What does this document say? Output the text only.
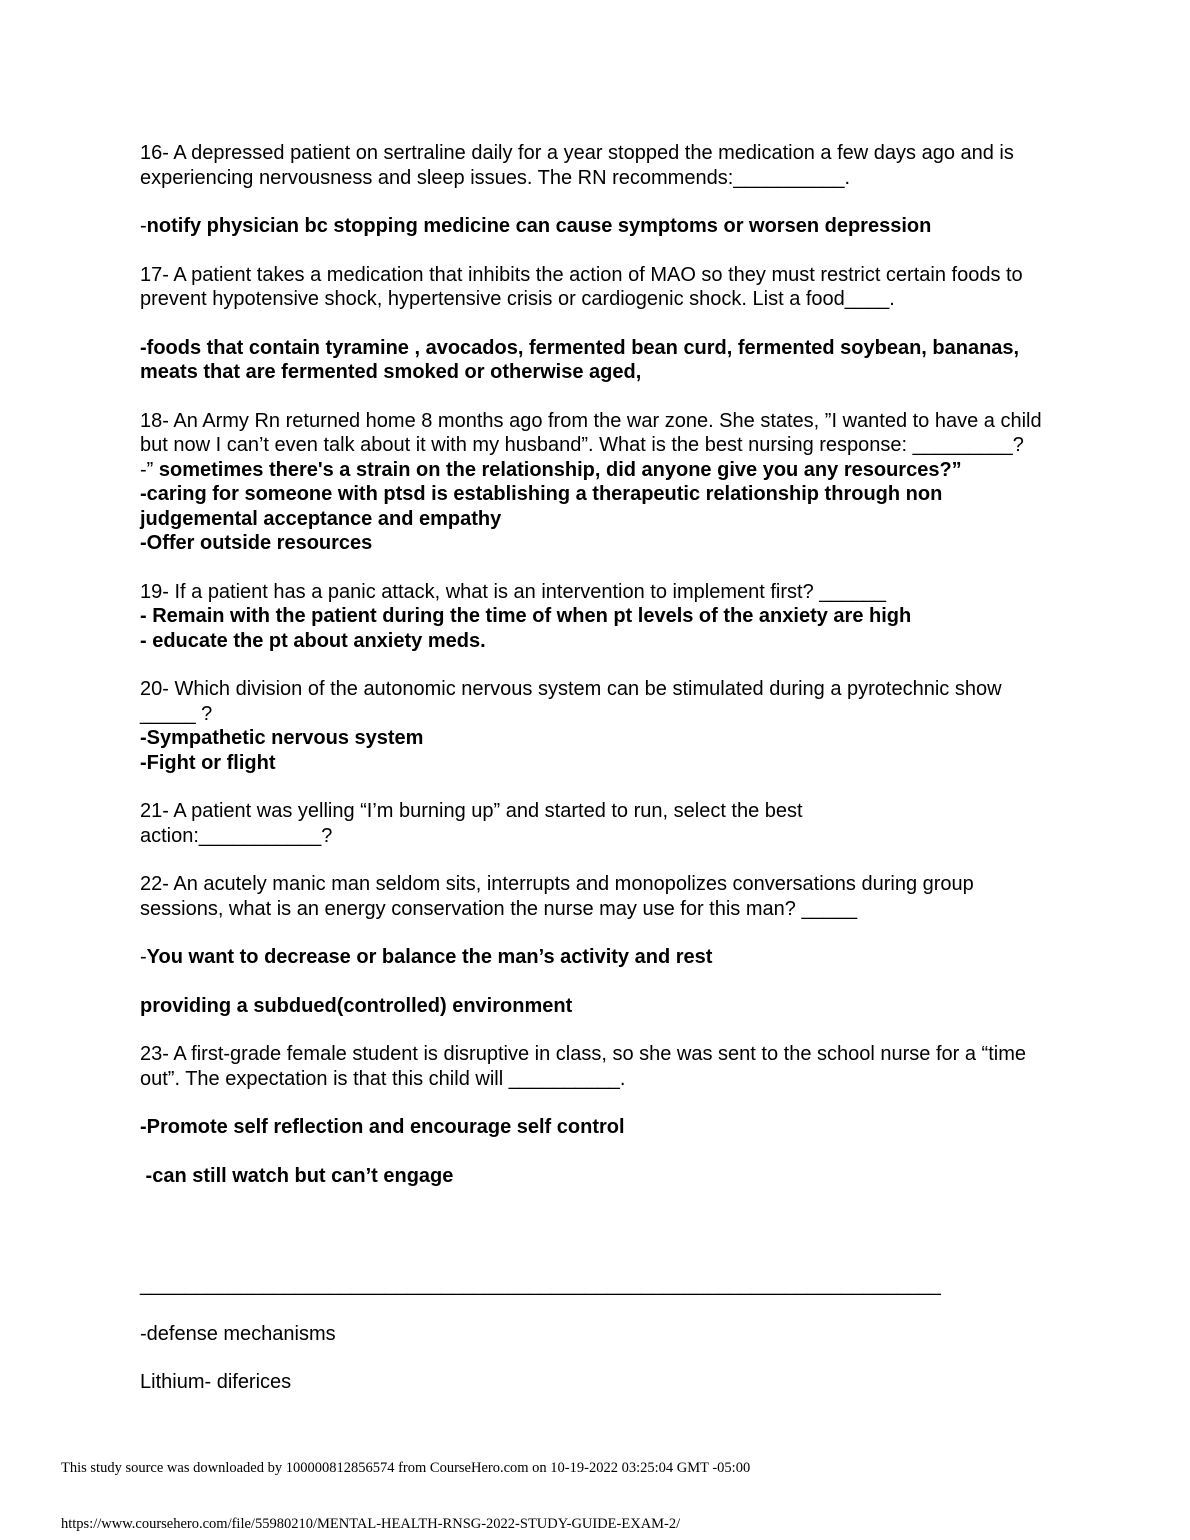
16- A depressed patient on sertraline daily for a year stopped the medication a few days ago and is experiencing nervousness and sleep issues. The RN recommends:__________.

-notify physician bc stopping medicine can cause symptoms or worsen depression

17- A patient takes a medication that inhibits the action of MAO so they must restrict certain foods to prevent hypotensive shock, hypertensive crisis or cardiogenic shock. List a food____.

-foods that contain tyramine , avocados, fermented bean curd, fermented soybean, bananas, meats that are fermented smoked or otherwise aged,

18- An Army Rn returned home 8 months ago from the war zone. She states, ”I wanted to have a child but now I can’t even talk about it with my husband”. What is the best nursing response: _________?

-” sometimes there's a strain on the relationship, did anyone give you any resources?”

-caring for someone with ptsd is establishing a therapeutic relationship through non judgemental acceptance and empathy

-Offer outside resources

19- If a patient has a panic attack, what is an intervention to implement first? ______

- Remain with the patient during the time of when pt levels of the anxiety are high

- educate the pt about anxiety meds.

20- Which division of the autonomic nervous system can be stimulated during a pyrotechnic show _____ ?

-Sympathetic nervous system

-Fight or flight

21- A patient was yelling “I’m burning up” and started to run, select the best action:___________?

22- An acutely manic man seldom sits, interrupts and monopolizes conversations during group sessions, what is an energy conservation the nurse may use for this man? _____

-You want to decrease or balance the man’s activity and rest

providing a subdued(controlled) environment

23- A first-grade female student is disruptive in class, so she was sent to the school nurse for a “time out”. The expectation is that this child will __________.

-Promote self reflection and encourage self control

-can still watch but can’t engage

________________________________________________________________________

-defense mechanisms

Lithium- diferices

This study source was downloaded by 100000812856574 from CourseHero.com on 10-19-2022 03:25:04 GMT -05:00
https://www.coursehero.com/file/55980210/MENTAL-HEALTH-RNSG-2022-STUDY-GUIDE-EXAM-2/
